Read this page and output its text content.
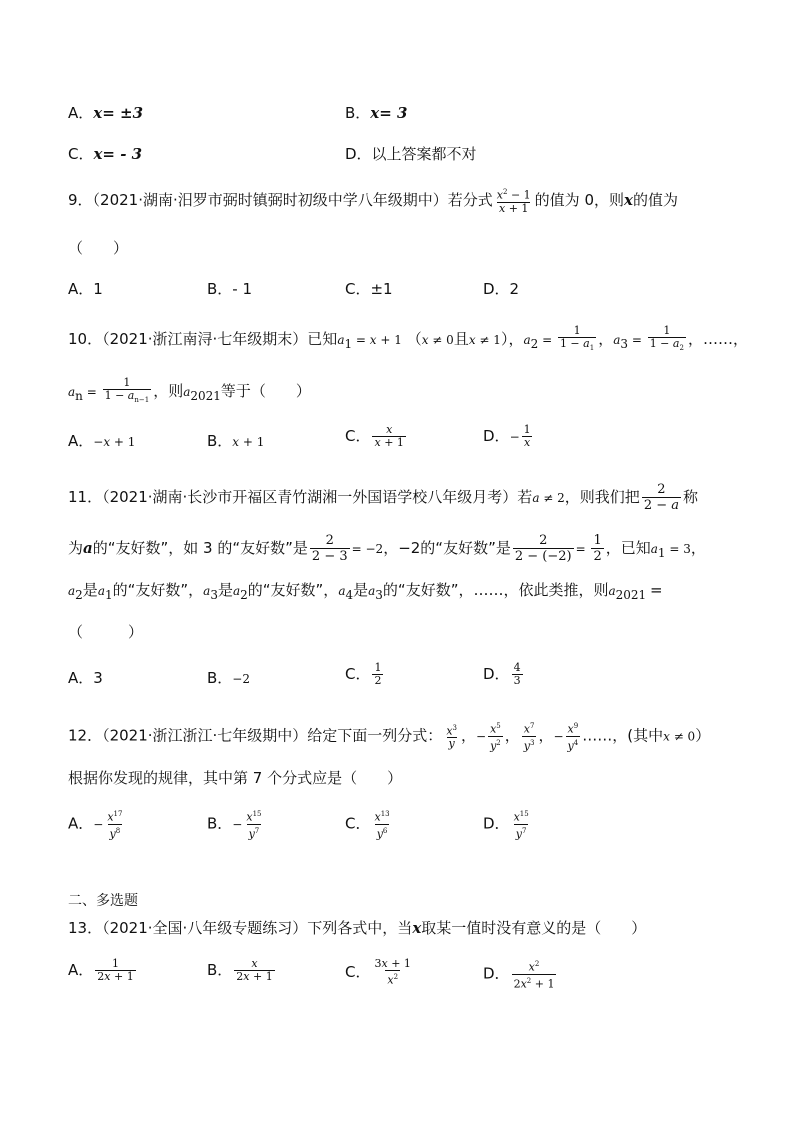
A．x= ±3	B．x= 3
C．x= - 3	D．以上答案都不对
9．（2021·湖南·汨罗市弼时镇弼时初级中学八年级期中）若分式 $\frac{x^2 - 1}{x + 1}$ 的值为 0，则x的值为
（　　）
A．1	B．- 1	C．±1	D．2
10．（2021·浙江南浔·七年级期末）已知$a_1 = x + 1$ （x ≠ 0且x ≠ 1），$a_2 = \frac{1}{1 - a_1}$ ，$a_3 = \frac{1}{1 - a_2}$ ，……，
$a_n = \frac{1}{1 - a_{n-1}}$ ，则$a_{2021}$等于（　　）
A．−x + 1	B．x + 1	C． $\frac{x}{x + 1}$	D．− $\frac{1}{x}$
11．（2021·湖南·长沙市开福区青竹湖湘一外国语学校八年级月考）若a ≠ 2，则我们把 $\frac{2}{2 - a}$ 称
为a的“友好数”，如 3 的“友好数”是 $\frac{2}{2 - 3} = -2$，−2的“友好数”是 $\frac{2}{2 - (-2)} = \frac{1}{2}$ ，已知$a_1 = 3$，
$a_2$是$a_1$的“友好数”，$a_3$是$a_2$的“友好数”，$a_4$是$a_3$的“友好数”，……，依此类推，则$a_{2021}$ =
（　　　）
A．3	B．−2	C． $\frac{1}{2}$	D． $\frac{4}{3}$
12．（2021·浙江浙江·七年级期中）给定下面一列分式： $\frac{x^3}{y}$ ，− $\frac{x^5}{y^2}$ ， $\frac{x^7}{y^3}$ ，− $\frac{x^9}{y^4}$ ……，(其中x ≠ 0）
根据你发现的规律，其中第 7 个分式应是（　　）
A．− $\frac{x^{17}}{y^8}$	B．− $\frac{x^{15}}{y^7}$	C． $\frac{x^{13}}{y^6}$	D． $\frac{x^{15}}{y^7}$
二、多选题
13．（2021·全国·八年级专题练习）下列各式中，当x取某一值时没有意义的是（　　）
A． $\frac{1}{2x + 1}$	B． $\frac{x}{2x + 1}$	C． $\frac{3x + 1}{x^2}$	D． $\frac{x^2}{2x^2 + 1}$
